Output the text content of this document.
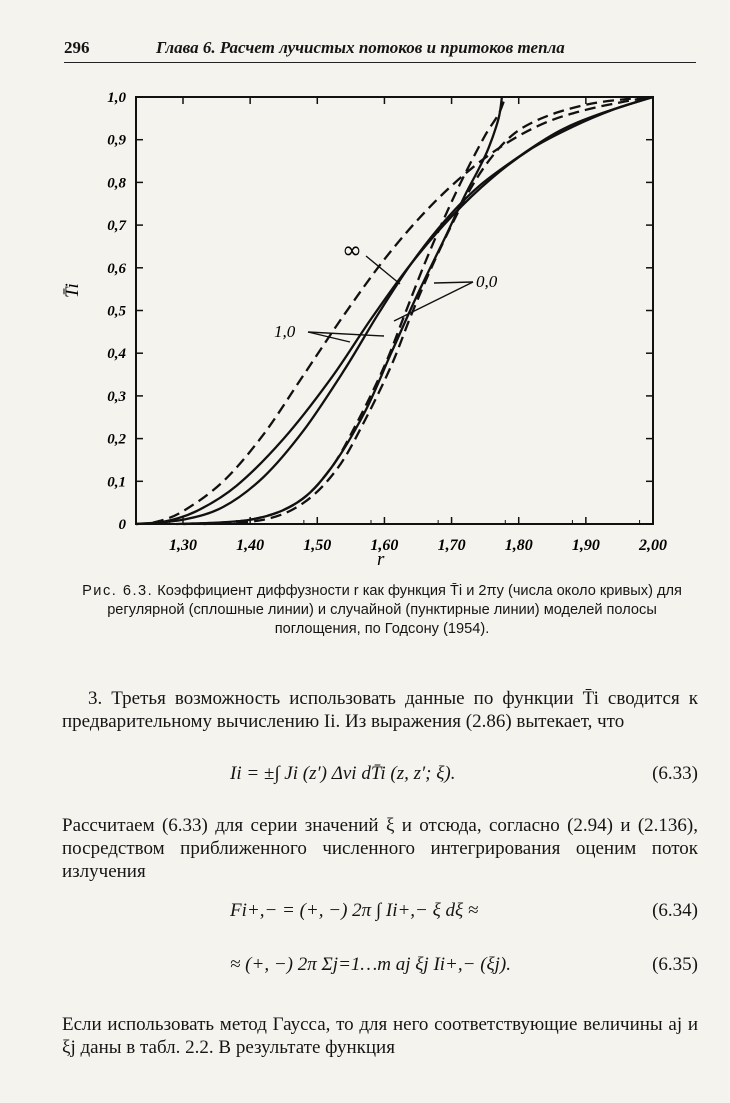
296	Глава 6. Расчет лучистых потоков и притоков тепла
0
0,1
0,2
0,3
0,4
0,5
0,6
0,7
0,8
0,9
1,0
1,30 1,40 1,50 1,60 1,70 1,80 1,90 2,00
T̄i
r
∞
0,0
1,0
Рис. 6.3. Коэффициент диффузности r как функция T̄i и 2πy (числа около кривых) для регулярной (сплошные линии) и случайной (пунктирные линии) моделей полосы поглощения, по Годсону (1954).
3. Третья возможность использовать данные по функции T̄i сводится к предварительному вычислению Ii. Из выражения (2.86) вытекает, что
Ii = ±∫ Ji (z′) Δνi dT̄i (z, z′; ξ).	(6.33)
Рассчитаем (6.33) для серии значений ξ и отсюда, согласно (2.94) и (2.136), посредством приближенного численного интегрирования оценим поток излучения
Fi+,− = (+, −) 2π ∫ Ii+,− ξ dξ ≈	(6.34)
≈ (+, −) 2π Σj=1…m aj ξj Ii+,− (ξj).	(6.35)
Если использовать метод Гаусса, то для него соответствующие величины aj и ξj даны в табл. 2.2. В результате функция
